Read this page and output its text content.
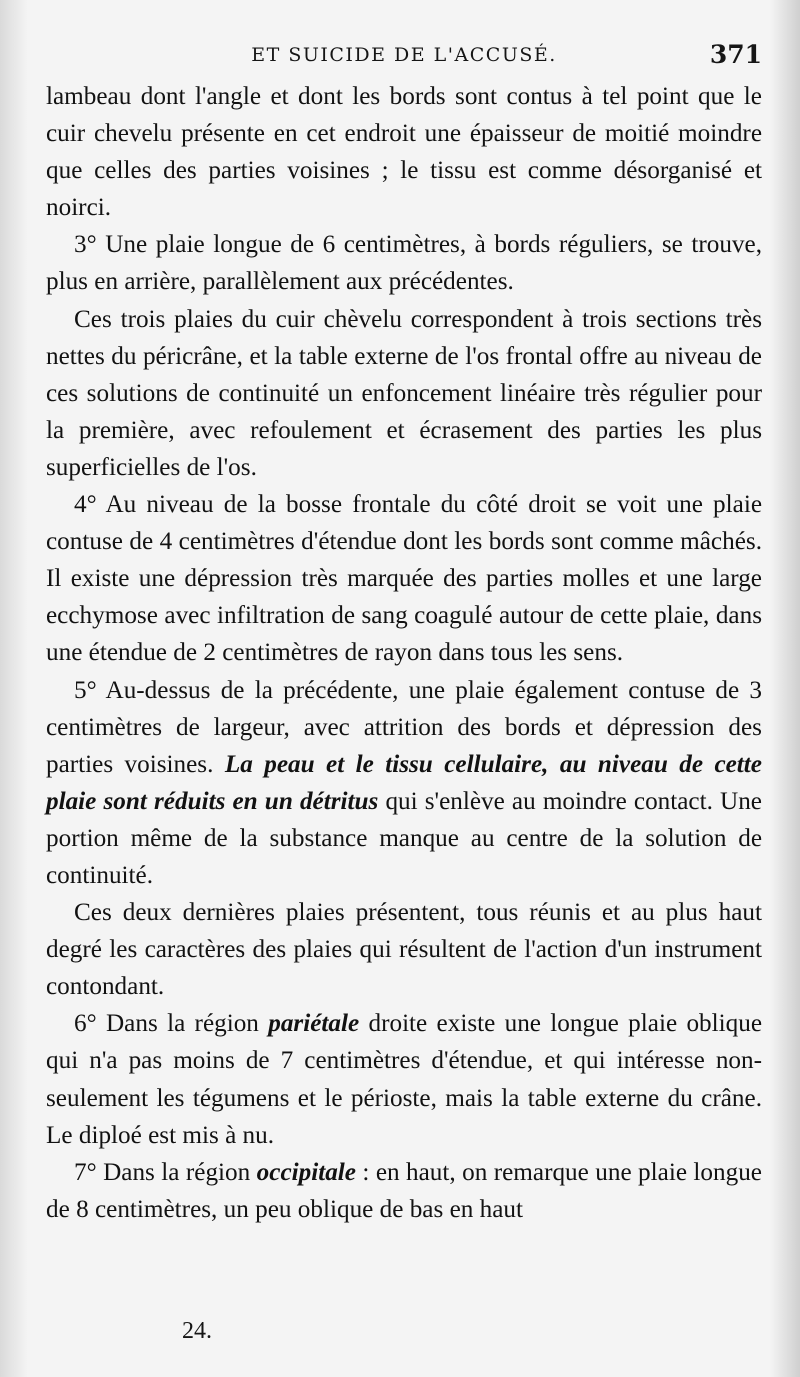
ET SUICIDE DE L'ACCUSÉ.	371

lambeau dont l'angle et dont les bords sont contus à tel point que le cuir chevelu présente en cet endroit une épaisseur de moitié moindre que celles des parties voisines ; le tissu est comme désorganisé et noirci.

3° Une plaie longue de 6 centimètres, à bords réguliers, se trouve, plus en arrière, parallèlement aux précédentes.

Ces trois plaies du cuir chèvelu correspondent à trois sections très nettes du péricrâne, et la table externe de l'os frontal offre au niveau de ces solutions de continuité un enfoncement linéaire très régulier pour la première, avec refoulement et écrasement des parties les plus superficielles de l'os.

4° Au niveau de la bosse frontale du côté droit se voit une plaie contuse de 4 centimètres d'étendue dont les bords sont comme mâchés. Il existe une dépression très marquée des parties molles et une large ecchymose avec infiltration de sang coagulé autour de cette plaie, dans une étendue de 2 centimètres de rayon dans tous les sens.

5° Au-dessus de la précédente, une plaie également contuse de 3 centimètres de largeur, avec attrition des bords et dépression des parties voisines. La peau et le tissu cellulaire, au niveau de cette plaie sont réduits en un détritus qui s'enlève au moindre contact. Une portion même de la substance manque au centre de la solution de continuité.

Ces deux dernières plaies présentent, tous réunis et au plus haut degré les caractères des plaies qui résultent de l'action d'un instrument contondant.

6° Dans la région pariétale droite existe une longue plaie oblique qui n'a pas moins de 7 centimètres d'étendue, et qui intéresse non-seulement les tégumens et le périoste, mais la table externe du crâne. Le diploé est mis à nu.

7° Dans la région occipitale : en haut, on remarque une plaie longue de 8 centimètres, un peu oblique de bas en haut

24.
